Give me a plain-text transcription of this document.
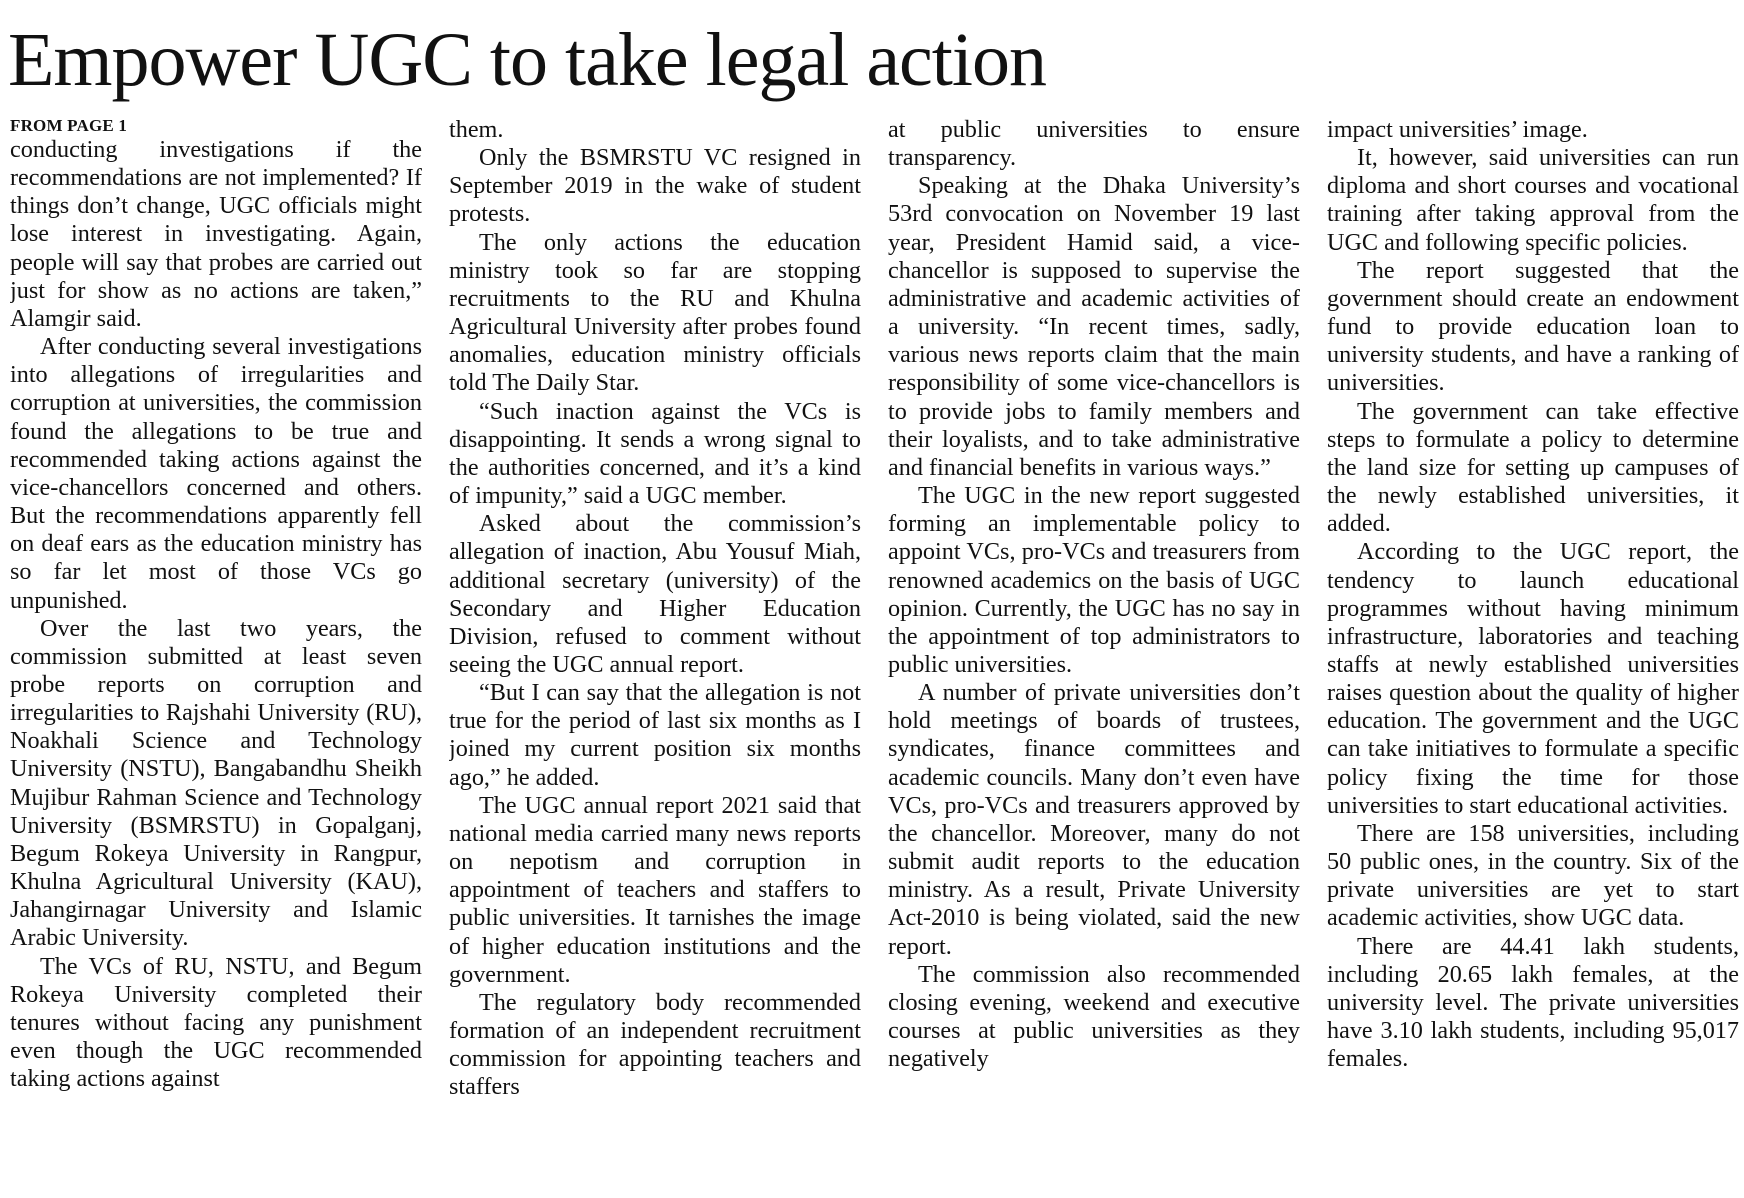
Empower UGC to take legal action
FROM PAGE 1

conducting investigations if the recommendations are not implemented? If things don’t change, UGC officials might lose interest in investigating. Again, people will say that probes are carried out just for show as no actions are taken,” Alamgir said.

After conducting several investigations into allegations of irregularities and corruption at universities, the commission found the allegations to be true and recommended taking actions against the vice-chancellors concerned and others. But the recommendations apparently fell on deaf ears as the education ministry has so far let most of those VCs go unpunished.

Over the last two years, the commission submitted at least seven probe reports on corruption and irregularities to Rajshahi University (RU), Noakhali Science and Technology University (NSTU), Bangabandhu Sheikh Mujibur Rahman Science and Technology University (BSMRSTU) in Gopalganj, Begum Rokeya University in Rangpur, Khulna Agricultural University (KAU), Jahangirnagar University and Islamic Arabic University.

The VCs of RU, NSTU, and Begum Rokeya University completed their tenures without facing any punishment even though the UGC recommended taking actions against

them.

Only the BSMRSTU VC resigned in September 2019 in the wake of student protests.

The only actions the education ministry took so far are stopping recruitments to the RU and Khulna Agricultural University after probes found anomalies, education ministry officials told The Daily Star.

“Such inaction against the VCs is disappointing. It sends a wrong signal to the authorities concerned, and it’s a kind of impunity,” said a UGC member.

Asked about the commission’s allegation of inaction, Abu Yousuf Miah, additional secretary (university) of the Secondary and Higher Education Division, refused to comment without seeing the UGC annual report.

“But I can say that the allegation is not true for the period of last six months as I joined my current position six months ago,” he added.

The UGC annual report 2021 said that national media carried many news reports on nepotism and corruption in appointment of teachers and staffers to public universities. It tarnishes the image of higher education institutions and the government.

The regulatory body recommended formation of an independent recruitment commission for appointing teachers and staffers

at public universities to ensure transparency.

Speaking at the Dhaka University’s 53rd convocation on November 19 last year, President Hamid said, a vice-chancellor is supposed to supervise the administrative and academic activities of a university. “In recent times, sadly, various news reports claim that the main responsibility of some vice-chancellors is to provide jobs to family members and their loyalists, and to take administrative and financial benefits in various ways.”

The UGC in the new report suggested forming an implementable policy to appoint VCs, pro-VCs and treasurers from renowned academics on the basis of UGC opinion. Currently, the UGC has no say in the appointment of top administrators to public universities.

A number of private universities don’t hold meetings of boards of trustees, syndicates, finance committees and academic councils. Many don’t even have VCs, pro-VCs and treasurers approved by the chancellor. Moreover, many do not submit audit reports to the education ministry. As a result, Private University Act-2010 is being violated, said the new report.

The commission also recommended closing evening, weekend and executive courses at public universities as they negatively

impact universities’ image.

It, however, said universities can run diploma and short courses and vocational training after taking approval from the UGC and following specific policies.

The report suggested that the government should create an endowment fund to provide education loan to university students, and have a ranking of universities.

The government can take effective steps to formulate a policy to determine the land size for setting up campuses of the newly established universities, it added.

According to the UGC report, the tendency to launch educational programmes without having minimum infrastructure, laboratories and teaching staffs at newly established universities raises question about the quality of higher education. The government and the UGC can take initiatives to formulate a specific policy fixing the time for those universities to start educational activities.

There are 158 universities, including 50 public ones, in the country. Six of the private universities are yet to start academic activities, show UGC data.

There are 44.41 lakh students, including 20.65 lakh females, at the university level. The private universities have 3.10 lakh students, including 95,017 females.
